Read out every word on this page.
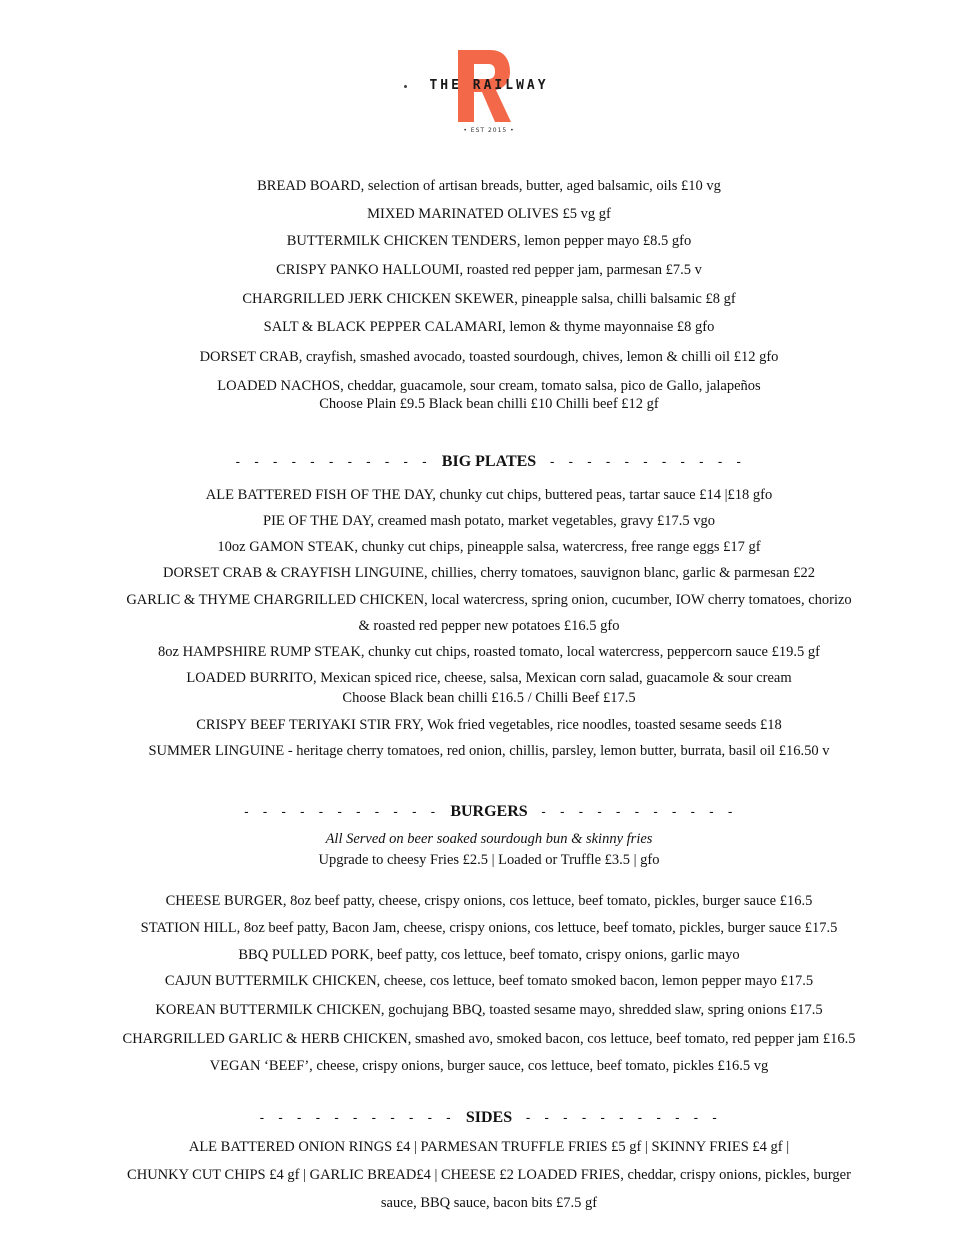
THE RAILWAY
• EST 2015 •
BREAD BOARD, selection of artisan breads, butter, aged balsamic, oils £10 vg
MIXED MARINATED OLIVES £5 vg gf
BUTTERMILK CHICKEN TENDERS, lemon pepper mayo £8.5 gfo
CRISPY PANKO HALLOUMI, roasted red pepper jam, parmesan £7.5 v
CHARGRILLED JERK CHICKEN SKEWER, pineapple salsa, chilli balsamic £8 gf
SALT & BLACK PEPPER CALAMARI, lemon & thyme mayonnaise £8 gfo
DORSET CRAB, crayfish, smashed avocado, toasted sourdough, chives, lemon & chilli oil £12 gfo
LOADED NACHOS, cheddar, guacamole, sour cream, tomato salsa, pico de Gallo, jalapeños
Choose Plain £9.5 Black bean chilli £10 Chilli beef £12 gf
- - - - - - - - - - - BIG PLATES - - - - - - - - - - -
ALE BATTERED FISH OF THE DAY, chunky cut chips, buttered peas, tartar sauce £14 |£18 gfo
PIE OF THE DAY, creamed mash potato, market vegetables, gravy £17.5 vgo
10oz GAMON STEAK, chunky cut chips, pineapple salsa, watercress, free range eggs £17 gf
DORSET CRAB & CRAYFISH LINGUINE, chillies, cherry tomatoes, sauvignon blanc, garlic & parmesan £22
GARLIC & THYME CHARGRILLED CHICKEN, local watercress, spring onion, cucumber, IOW cherry tomatoes, chorizo
& roasted red pepper new potatoes £16.5 gfo
8oz HAMPSHIRE RUMP STEAK, chunky cut chips, roasted tomato, local watercress, peppercorn sauce £19.5 gf
LOADED BURRITO, Mexican spiced rice, cheese, salsa, Mexican corn salad, guacamole & sour cream
Choose Black bean chilli £16.5 / Chilli Beef £17.5
CRISPY BEEF TERIYAKI STIR FRY, Wok fried vegetables, rice noodles, toasted sesame seeds £18
SUMMER LINGUINE - heritage cherry tomatoes, red onion, chillis, parsley, lemon butter, burrata, basil oil £16.50 v
- - - - - - - - - - - BURGERS - - - - - - - - - - -
All Served on beer soaked sourdough bun & skinny fries
Upgrade to cheesy Fries £2.5 | Loaded or Truffle £3.5 | gfo
CHEESE BURGER, 8oz beef patty, cheese, crispy onions, cos lettuce, beef tomato, pickles, burger sauce £16.5
STATION HILL, 8oz beef patty, Bacon Jam, cheese, crispy onions, cos lettuce, beef tomato, pickles, burger sauce £17.5
BBQ PULLED PORK, beef patty, cos lettuce, beef tomato, crispy onions, garlic mayo
CAJUN BUTTERMILK CHICKEN, cheese, cos lettuce, beef tomato smoked bacon, lemon pepper mayo £17.5
KOREAN BUTTERMILK CHICKEN, gochujang BBQ, toasted sesame mayo, shredded slaw, spring onions £17.5
CHARGRILLED GARLIC & HERB CHICKEN, smashed avo, smoked bacon, cos lettuce, beef tomato, red pepper jam £16.5
VEGAN ‘BEEF’, cheese, crispy onions, burger sauce, cos lettuce, beef tomato, pickles £16.5 vg
- - - - - - - - - - - SIDES - - - - - - - - - - -
ALE BATTERED ONION RINGS £4 | PARMESAN TRUFFLE FRIES £5 gf | SKINNY FRIES £4 gf |
CHUNKY CUT CHIPS £4 gf | GARLIC BREAD£4 | CHEESE £2 LOADED FRIES, cheddar, crispy onions, pickles, burger
sauce, BBQ sauce, bacon bits £7.5 gf
